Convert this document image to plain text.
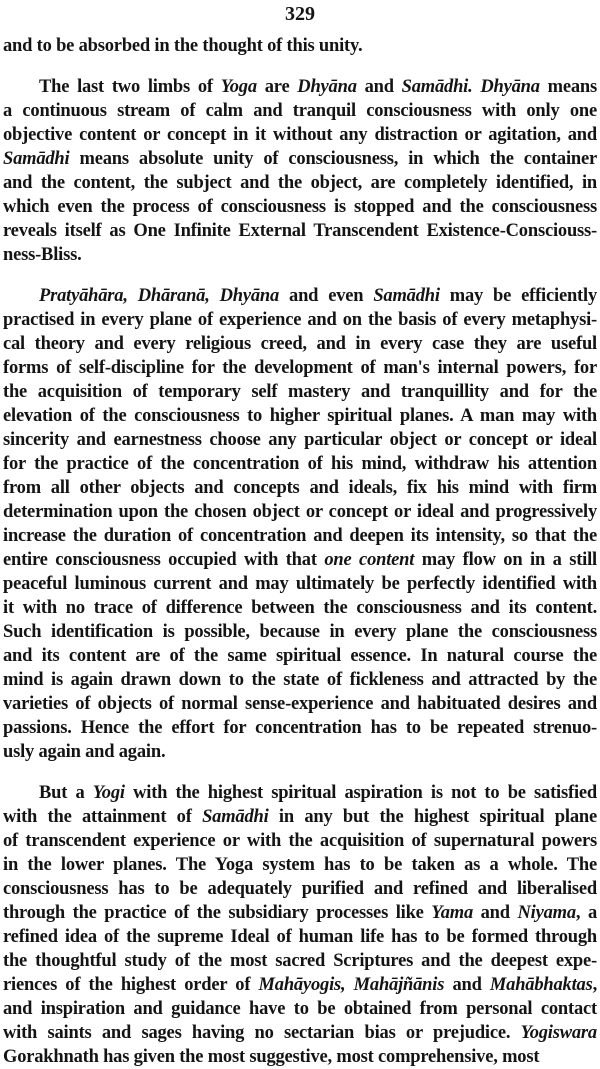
329
and to be absorbed in the thought of this unity.
The last two limbs of Yoga are Dhyāna and Samādhi. Dhyāna means
a continuous stream of calm and tranquil consciousness with only one
objective content or concept in it without any distraction or agitation, and
Samādhi means absolute unity of consciousness, in which the container
and the content, the subject and the object, are completely identified, in
which even the process of consciousness is stopped and the consciousness
reveals itself as One Infinite External Transcendent Existence-Consciouss-
ness-Bliss.
Pratyāhāra, Dhāranā, Dhyāna and even Samādhi may be efficiently
practised in every plane of experience and on the basis of every metaphysi-
cal theory and every religious creed, and in every case they are useful
forms of self-discipline for the development of man's internal powers, for
the acquisition of temporary self mastery and tranquillity and for the
elevation of the consciousness to higher spiritual planes. A man may with
sincerity and earnestness choose any particular object or concept or ideal
for the practice of the concentration of his mind, withdraw his attention
from all other objects and concepts and ideals, fix his mind with firm
determination upon the chosen object or concept or ideal and progressively
increase the duration of concentration and deepen its intensity, so that the
entire consciousness occupied with that one content may flow on in a still
peaceful luminous current and may ultimately be perfectly identified with
it with no trace of difference between the consciousness and its content.
Such identification is possible, because in every plane the consciousness
and its content are of the same spiritual essence. In natural course the
mind is again drawn down to the state of fickleness and attracted by the
varieties of objects of normal sense-experience and habituated desires and
passions. Hence the effort for concentration has to be repeated strenuo-
usly again and again.
But a Yogi with the highest spiritual aspiration is not to be satisfied
with the attainment of Samādhi in any but the highest spiritual plane
of transcendent experience or with the acquisition of supernatural powers
in the lower planes. The Yoga system has to be taken as a whole. The
consciousness has to be adequately purified and refined and liberalised
through the practice of the subsidiary processes like Yama and Niyama, a
refined idea of the supreme Ideal of human life has to be formed through
the thoughtful study of the most sacred Scriptures and the deepest expe-
riences of the highest order of Mahāyogis, Mahājñānis and Mahābhaktas,
and inspiration and guidance have to be obtained from personal contact
with saints and sages having no sectarian bias or prejudice. Yogiswara
Gorakhnath has given the most suggestive, most comprehensive, most
